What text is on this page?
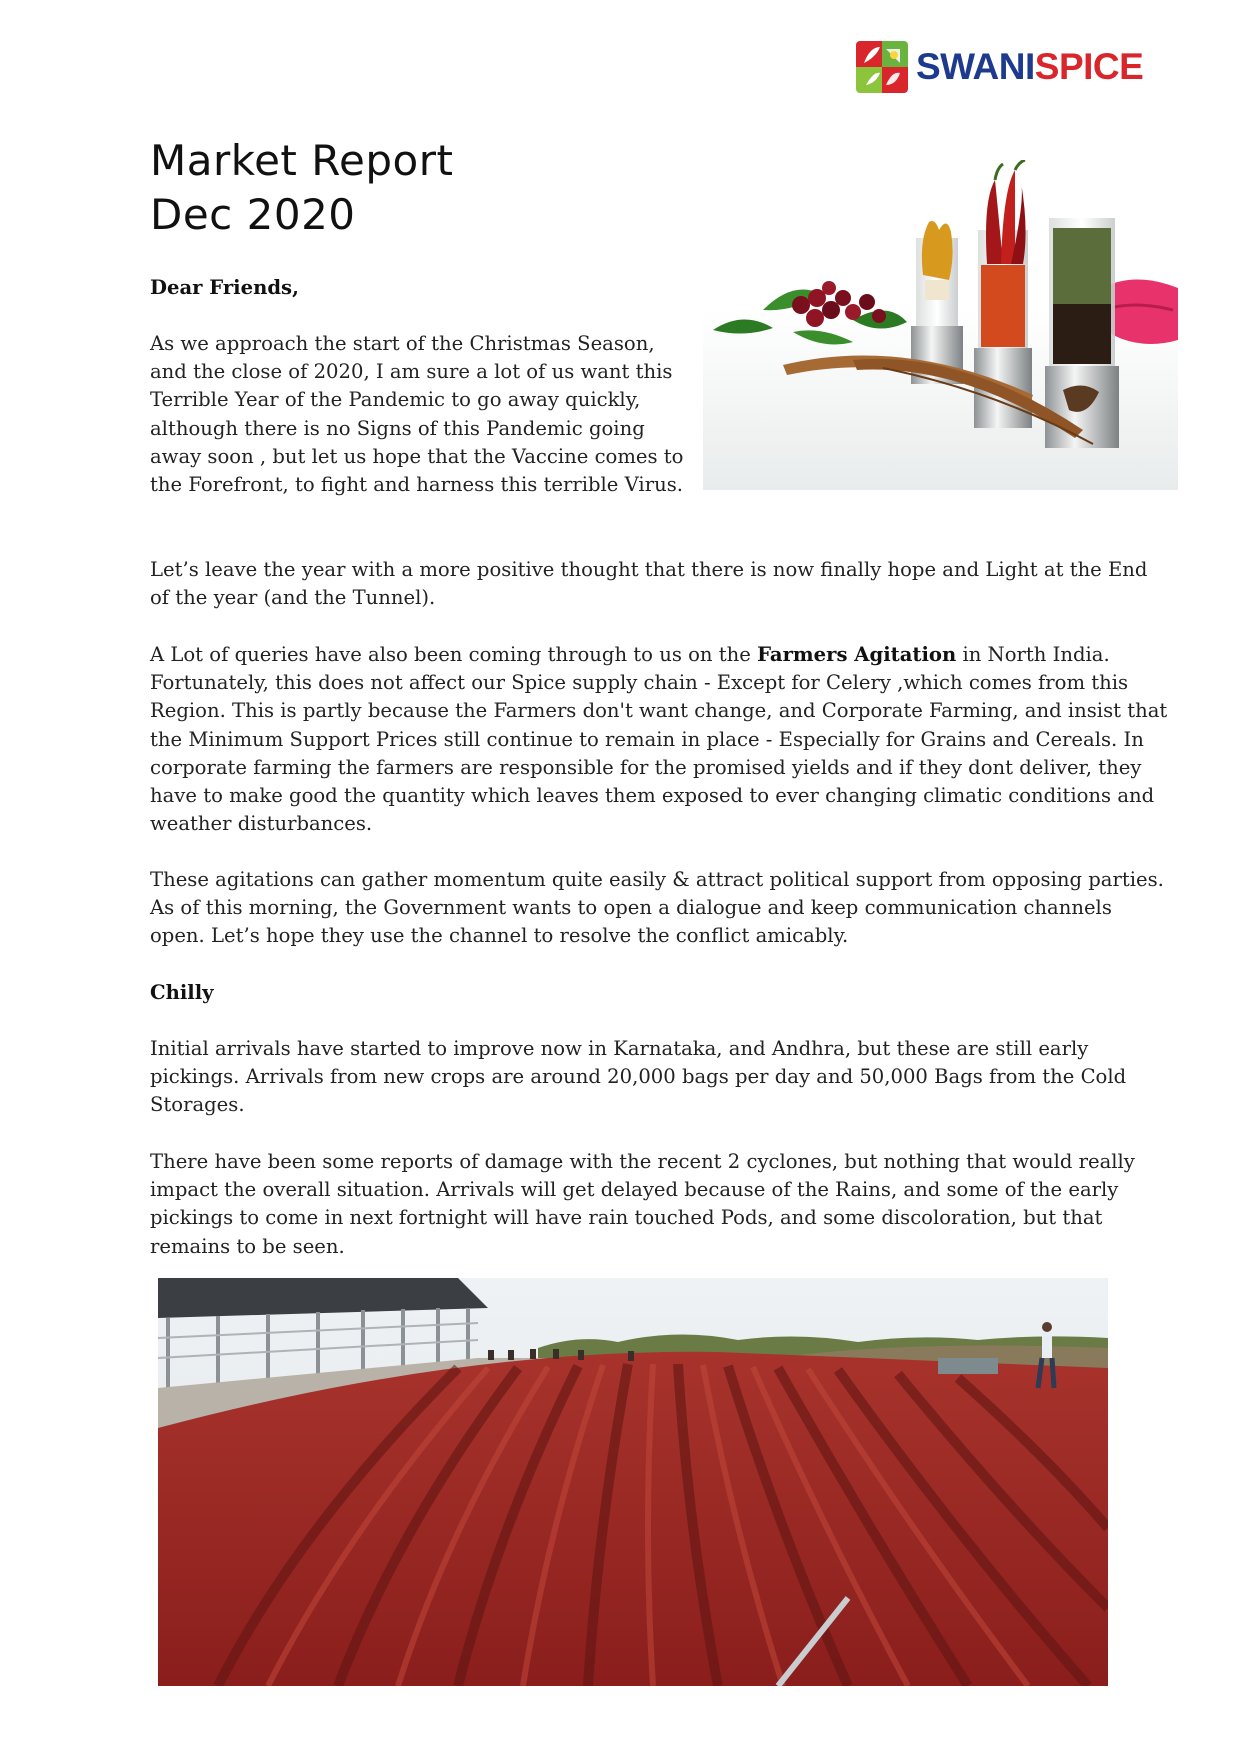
SWANISPICE
Market Report
Dec 2020

Dear Friends,

As we approach the start of the Christmas Season, and the close of 2020, I am sure a lot of us want this Terrible Year of the Pandemic to go away quickly, although there is no Signs of this Pandemic going away soon , but let us hope that the Vaccine comes to the Forefront, to fight and harness this terrible Virus.

Let’s leave the year with a more positive thought that there is now finally hope and Light at the End of the year (and the Tunnel).

A Lot of queries have also been coming through to us on the Farmers Agitation in North India. Fortunately, this does not affect our Spice supply chain - Except for Celery ,which comes from this Region. This is partly because the Farmers don't want change, and Corporate Farming, and insist that the Minimum Support Prices still continue to remain in place - Especially for Grains and Cereals. In corporate farming the farmers are responsible for the promised yields and if they dont deliver, they have to make good the quantity which leaves them exposed to ever changing climatic conditions and weather disturbances.

These agitations can gather momentum quite easily & attract political support from opposing parties. As of this morning, the Government wants to open a dialogue and keep communication channels open. Let’s hope they use the channel to resolve the conflict amicably.

Chilly

Initial arrivals have started to improve now in Karnataka, and Andhra, but these are still early pickings. Arrivals from new crops are around 20,000 bags per day and 50,000 Bags from the Cold Storages.

There have been some reports of damage with the recent 2 cyclones, but nothing that would really impact the overall situation. Arrivals will get delayed because of the Rains, and some of the early pickings to come in next fortnight will have rain touched Pods, and some discoloration, but that remains to be seen.
